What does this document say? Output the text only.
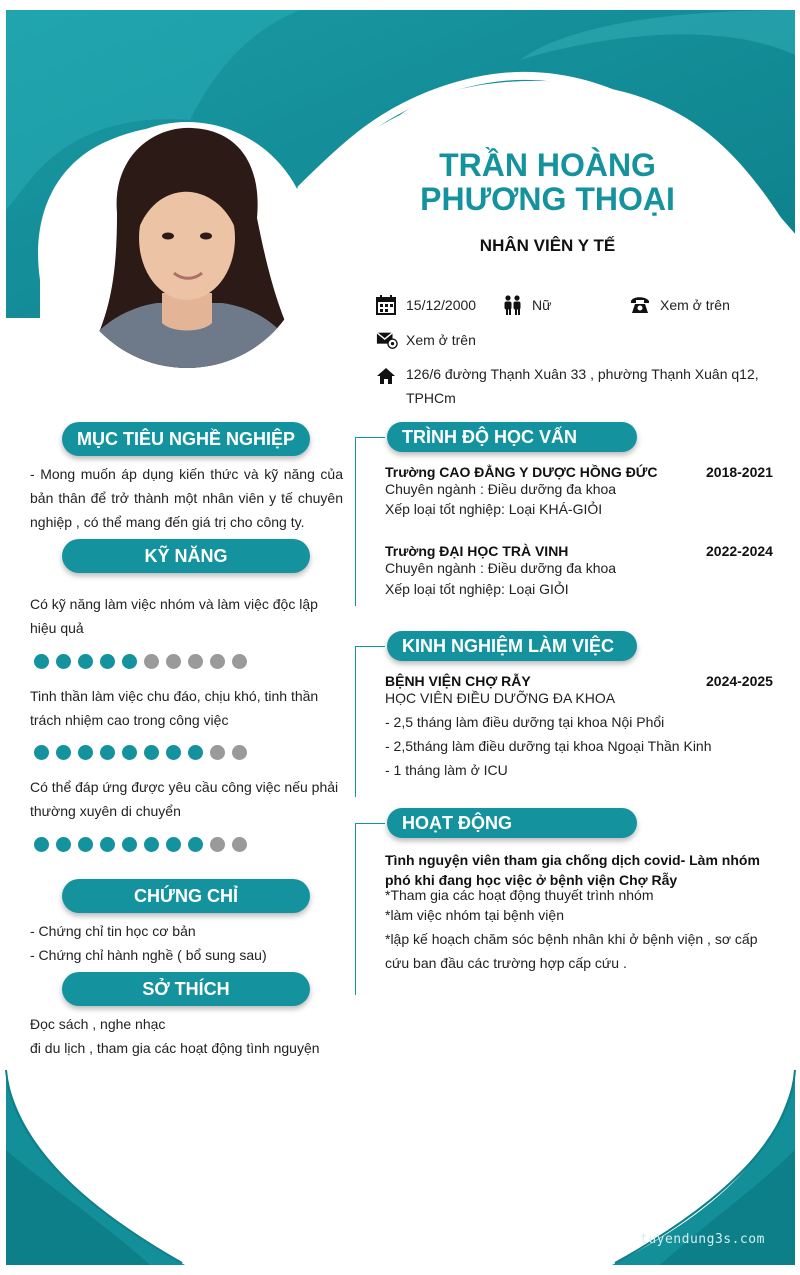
TRẦN HOÀNG
PHƯƠNG THOẠI
NHÂN VIÊN Y TẾ
15/12/2000	Nữ	Xem ở trên
Xem ở trên
126/6 đường Thạnh Xuân 33 , phường Thạnh Xuân q12,
TPHCm
MỤC TIÊU NGHỀ NGHIỆP
- Mong muốn áp dụng kiến thức và kỹ năng của
bản thân để trở thành một nhân viên y tế chuyên
nghiệp , có thể mang đến giá trị cho công ty.
KỸ NĂNG
Có kỹ năng làm việc nhóm và làm việc độc lập
hiệu quả
Tinh thần làm việc chu đáo, chịu khó, tinh thần
trách nhiệm cao trong công việc
Có thể đáp ứng được yêu cầu công việc nếu phải
thường xuyên di chuyển
CHỨNG CHỈ
- Chứng chỉ tin học cơ bản
- Chứng chỉ hành nghề ( bổ sung sau)
SỞ THÍCH
Đọc sách , nghe nhạc
đi du lịch , tham gia các hoạt động tình nguyện
TRÌNH ĐỘ HỌC VẤN
Trường CAO ĐẲNG Y DƯỢC HỒNG ĐỨC	2018-2021
Chuyên ngành : Điều dưỡng đa khoa
Xếp loại tốt nghiệp: Loại KHÁ-GIỎI
Trường ĐẠI HỌC TRÀ VINH	2022-2024
Chuyên ngành : Điều dưỡng đa khoa
Xếp loại tốt nghiệp: Loại GIỎI
KINH NGHIỆM LÀM VIỆC
BỆNH VIỆN CHỢ RẪY	2024-2025
HỌC VIÊN ĐIỀU DƯỠNG ĐA KHOA
- 2,5 tháng làm điều dưỡng tại khoa Nội Phổi
- 2,5tháng làm điều dưỡng tại khoa Ngoại Thần Kinh
- 1 tháng làm ở ICU
HOẠT ĐỘNG
Tình nguyện viên tham gia chống dịch covid- Làm nhóm
phó khi đang học việc ở bệnh viện Chợ Rẫy
*Tham gia các hoạt động thuyết trình nhóm
*làm việc nhóm tại bệnh viện
*lập kế hoạch chăm sóc bệnh nhân khi ở bệnh viện , sơ cấp
cứu ban đầu các trường hợp cấp cứu .
tuyendung3s.com
